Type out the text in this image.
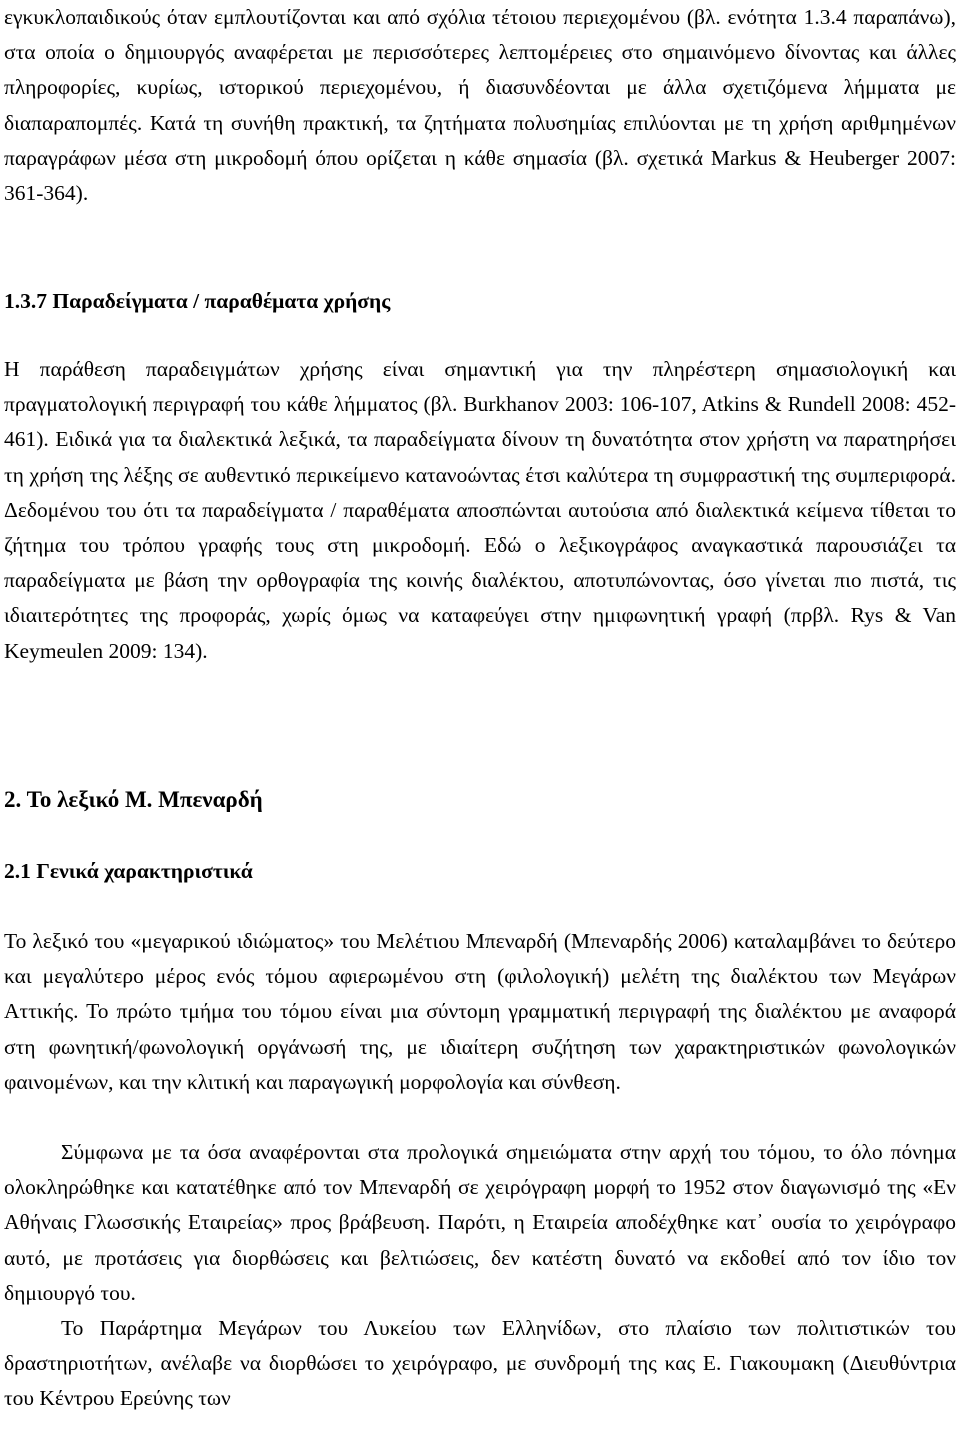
εγκυκλοπαιδικούς όταν εμπλουτίζονται και από σχόλια τέτοιου περιεχομένου (βλ. ενότητα 1.3.4 παραπάνω), στα οποία ο δημιουργός αναφέρεται με περισσότερες λεπτομέρειες στο σημαινόμενο δίνοντας και άλλες πληροφορίες, κυρίως, ιστορικού περιεχομένου, ή διασυνδέονται με άλλα σχετιζόμενα λήμματα με διαπαραπομπές. Κατά τη συνήθη πρακτική, τα ζητήματα πολυσημίας επιλύονται με τη χρήση αριθμημένων παραγράφων μέσα στη μικροδομή όπου ορίζεται η κάθε σημασία (βλ. σχετικά Markus & Heuberger 2007: 361-364).

1.3.7 Παραδείγματα / παραθέματα χρήσης

Η παράθεση παραδειγμάτων χρήσης είναι σημαντική για την πληρέστερη σημασιολογική και πραγματολογική περιγραφή του κάθε λήμματος (βλ. Burkhanov 2003: 106-107, Atkins & Rundell 2008: 452-461). Ειδικά για τα διαλεκτικά λεξικά, τα παραδείγματα δίνουν τη δυνατότητα στον χρήστη να παρατηρήσει τη χρήση της λέξης σε αυθεντικό περικείμενο κατανοώντας έτσι καλύτερα τη συμφραστική της συμπεριφορά. Δεδομένου του ότι τα παραδείγματα / παραθέματα αποσπώνται αυτούσια από διαλεκτικά κείμενα τίθεται το ζήτημα του τρόπου γραφής τους στη μικροδομή. Εδώ ο λεξικογράφος αναγκαστικά παρουσιάζει τα παραδείγματα με βάση την ορθογραφία της κοινής διαλέκτου, αποτυπώνοντας, όσο γίνεται πιο πιστά, τις ιδιαιτερότητες της προφοράς, χωρίς όμως να καταφεύγει στην ημιφωνητική γραφή (πρβλ. Rys & Van Keymeulen 2009: 134).

2. Το λεξικό Μ. Μπεναρδή
2.1 Γενικά χαρακτηριστικά

Το λεξικό του «μεγαρικού ιδιώματος» του Μελέτιου Μπεναρδή (Μπεναρδής 2006) καταλαμβάνει το δεύτερο και μεγαλύτερο μέρος ενός τόμου αφιερωμένου στη (φιλολογική) μελέτη της διαλέκτου των Μεγάρων Αττικής. Το πρώτο τμήμα του τόμου είναι μια σύντομη γραμματική περιγραφή της διαλέκτου με αναφορά στη φωνητική/φωνολογική οργάνωσή της, με ιδιαίτερη συζήτηση των χαρακτηριστικών φωνολογικών φαινομένων, και την κλιτική και παραγωγική μορφολογία και σύνθεση.

Σύμφωνα με τα όσα αναφέρονται στα προλογικά σημειώματα στην αρχή του τόμου, το όλο πόνημα ολοκληρώθηκε και κατατέθηκε από τον Μπεναρδή σε χειρόγραφη μορφή το 1952 στον διαγωνισμό της «Εν Αθήναις Γλωσσικής Εταιρείας» προς βράβευση. Παρότι, η Εταιρεία αποδέχθηκε κατ᾽ ουσία το χειρόγραφο αυτό, με προτάσεις για διορθώσεις και βελτιώσεις, δεν κατέστη δυνατό να εκδοθεί από τον ίδιο τον δημιουργό του.

Το Παράρτημα Μεγάρων του Λυκείου των Ελληνίδων, στο πλαίσιο των πολιτιστικών του δραστηριοτήτων, ανέλαβε να διορθώσει το χειρόγραφο, με συνδρομή της κας Ε. Γιακουμακη (Διευθύντρια του Κέντρου Ερεύνης των
